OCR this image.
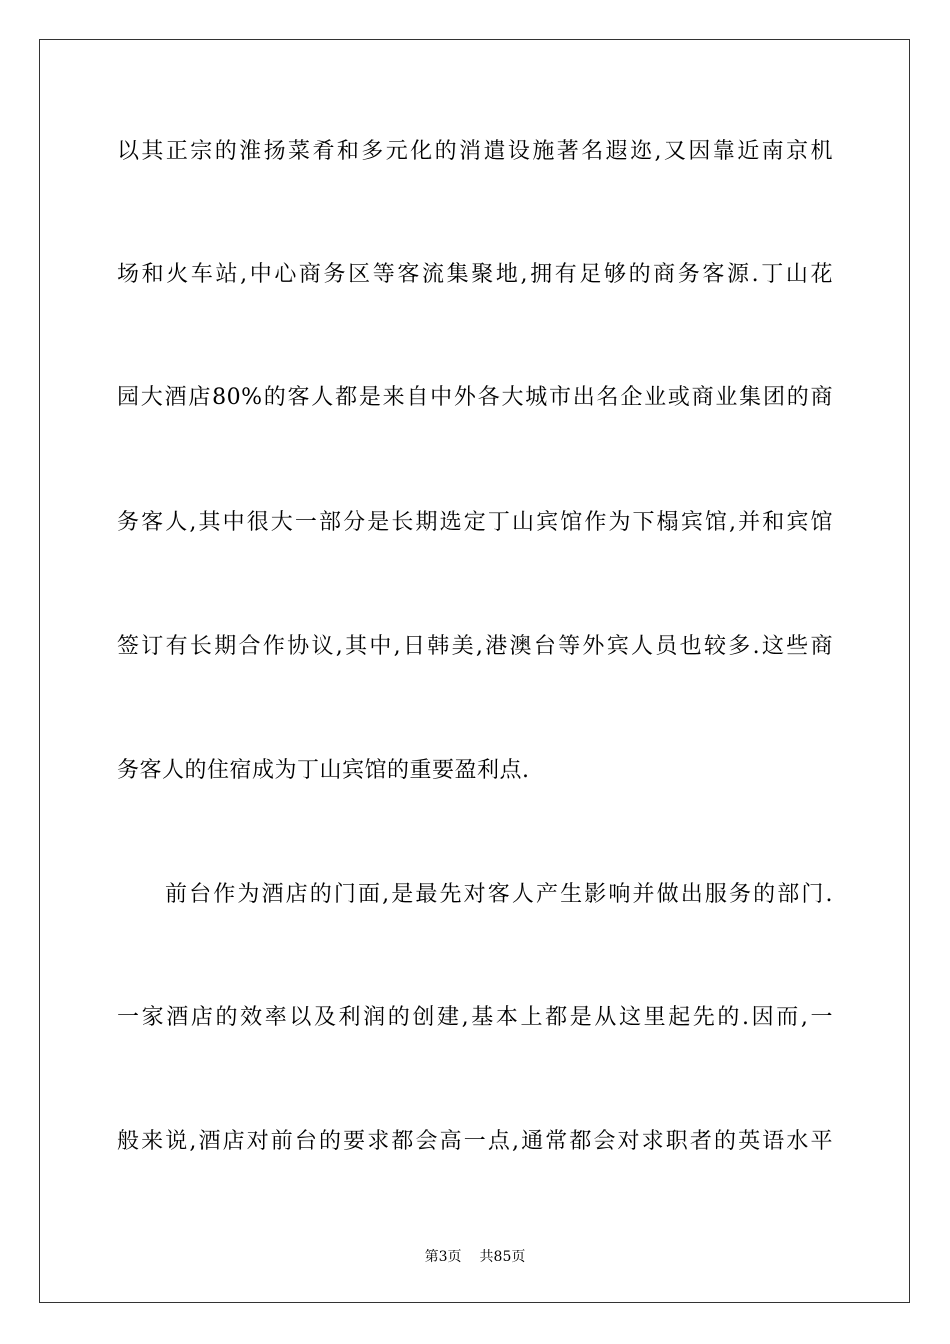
以其正宗的淮扬菜肴和多元化的消遣设施著名遐迩,又因靠近南京机
场和火车站,中心商务区等客流集聚地,拥有足够的商务客源.丁山花
园大酒店80%的客人都是来自中外各大城市出名企业或商业集团的商
务客人,其中很大一部分是长期选定丁山宾馆作为下榻宾馆,并和宾馆
签订有长期合作协议,其中,日韩美,港澳台等外宾人员也较多.这些商
务客人的住宿成为丁山宾馆的重要盈利点.
前台作为酒店的门面,是最先对客人产生影响并做出服务的部门.
一家酒店的效率以及利润的创建,基本上都是从这里起先的.因而,一
般来说,酒店对前台的要求都会高一点,通常都会对求职者的英语水平
第3页 共85页
